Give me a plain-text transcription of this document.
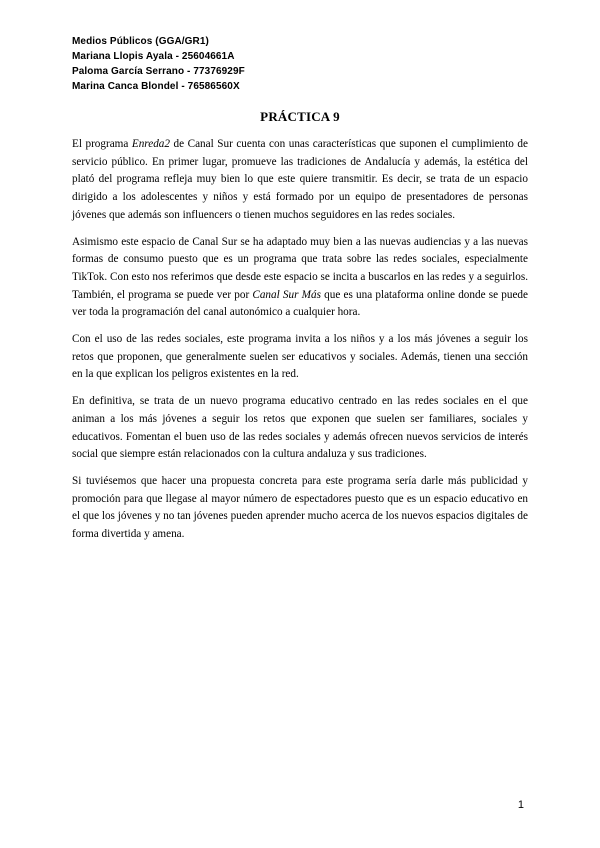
Medios Públicos (GGA/GR1)
Mariana Llopis Ayala - 25604661A
Paloma García Serrano - 77376929F
Marina Canca Blondel - 76586560X
PRÁCTICA 9

El programa Enreda2 de Canal Sur cuenta con unas características que suponen el cumplimiento de servicio público. En primer lugar, promueve las tradiciones de Andalucía y además, la estética del plató del programa refleja muy bien lo que este quiere transmitir. Es decir, se trata de un espacio dirigido a los adolescentes y niños y está formado por un equipo de presentadores de personas jóvenes que además son influencers o tienen muchos seguidores en las redes sociales.

Asimismo este espacio de Canal Sur se ha adaptado muy bien a las nuevas audiencias y a las nuevas formas de consumo puesto que es un programa que trata sobre las redes sociales, especialmente TikTok. Con esto nos referimos que desde este espacio se incita a buscarlos en las redes y a seguirlos. También, el programa se puede ver por Canal Sur Más que es una plataforma online donde se puede ver toda la programación del canal autonómico a cualquier hora.

Con el uso de las redes sociales, este programa invita a los niños y a los más jóvenes a seguir los retos que proponen, que generalmente suelen ser educativos y sociales. Además, tienen una sección en la que explican los peligros existentes en la red.

En definitiva, se trata de un nuevo programa educativo centrado en las redes sociales en el que animan a los más jóvenes a seguir los retos que exponen que suelen ser familiares, sociales y educativos. Fomentan el buen uso de las redes sociales y además ofrecen nuevos servicios de interés social que siempre están relacionados con la cultura andaluza y sus tradiciones.

Si tuviésemos que hacer una propuesta concreta para este programa sería darle más publicidad y promoción para que llegase al mayor número de espectadores puesto que es un espacio educativo en el que los jóvenes y no tan jóvenes pueden aprender mucho acerca de los nuevos espacios digitales de forma divertida y amena.

1
